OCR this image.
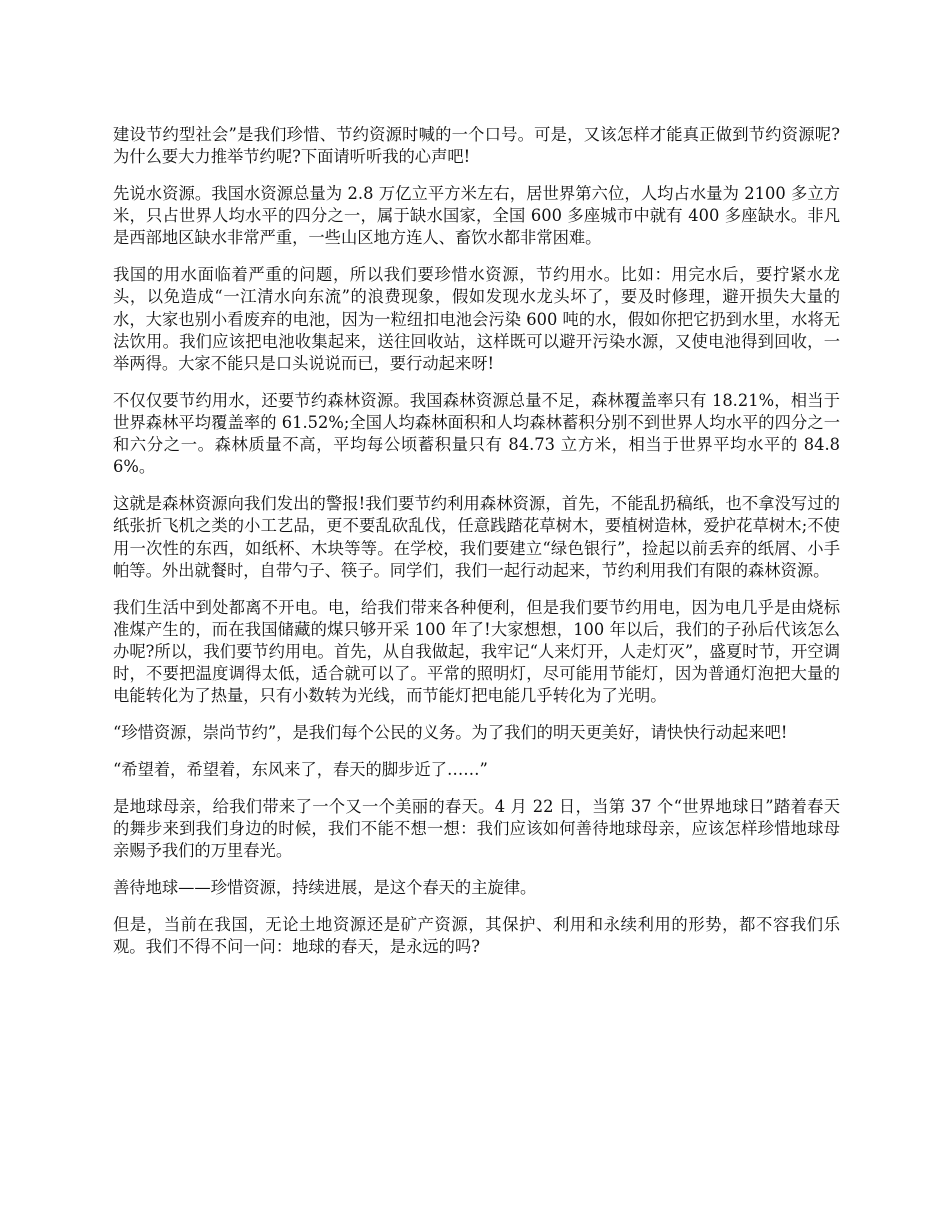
建设节约型社会”是我们珍惜、节约资源时喊的一个口号。可是，又该怎样才能真正做到节约资源呢?为什么要大力推举节约呢?下面请听听我的心声吧!

先说水资源。我国水资源总量为 2.8 万亿立平方米左右，居世界第六位，人均占水量为 2100 多立方米，只占世界人均水平的四分之一，属于缺水国家，全国 600 多座城市中就有 400 多座缺水。非凡是西部地区缺水非常严重，一些山区地方连人、畜饮水都非常困难。

我国的用水面临着严重的问题，所以我们要珍惜水资源，节约用水。比如：用完水后，要拧紧水龙头，以免造成“一江清水向东流”的浪费现象，假如发现水龙头坏了，要及时修理，避开损失大量的水，大家也别小看废弃的电池，因为一粒纽扣电池会污染 600 吨的水，假如你把它扔到水里，水将无法饮用。我们应该把电池收集起来，送往回收站，这样既可以避开污染水源，又使电池得到回收，一举两得。大家不能只是口头说说而已，要行动起来呀!

不仅仅要节约用水，还要节约森林资源。我国森林资源总量不足，森林覆盖率只有 18.21%，相当于世界森林平均覆盖率的 61.52%;全国人均森林面积和人均森林蓄积分别不到世界人均水平的四分之一和六分之一。森林质量不高，平均每公顷蓄积量只有 84.73 立方米，相当于世界平均水平的 84.86%。

这就是森林资源向我们发出的警报!我们要节约利用森林资源，首先，不能乱扔稿纸，也不拿没写过的纸张折飞机之类的小工艺品，更不要乱砍乱伐，任意践踏花草树木，要植树造林，爱护花草树木;不使用一次性的东西，如纸杯、木块等等。在学校，我们要建立“绿色银行”，捡起以前丢弃的纸屑、小手帕等。外出就餐时，自带勺子、筷子。同学们，我们一起行动起来，节约利用我们有限的森林资源。

我们生活中到处都离不开电。电，给我们带来各种便利，但是我们要节约用电，因为电几乎是由烧标准煤产生的，而在我国储藏的煤只够开采 100 年了!大家想想，100 年以后，我们的子孙后代该怎么办呢?所以，我们要节约用电。首先，从自我做起，我牢记“人来灯开，人走灯灭”，盛夏时节，开空调时，不要把温度调得太低，适合就可以了。平常的照明灯，尽可能用节能灯，因为普通灯泡把大量的电能转化为了热量，只有小数转为光线，而节能灯把电能几乎转化为了光明。

“珍惜资源，崇尚节约”，是我们每个公民的义务。为了我们的明天更美好，请快快行动起来吧!

“希望着，希望着，东风来了，春天的脚步近了……”

是地球母亲，给我们带来了一个又一个美丽的春天。4 月 22 日，当第 37 个“世界地球日”踏着春天的舞步来到我们身边的时候，我们不能不想一想：我们应该如何善待地球母亲，应该怎样珍惜地球母亲赐予我们的万里春光。

善待地球——珍惜资源，持续进展，是这个春天的主旋律。

但是，当前在我国，无论土地资源还是矿产资源，其保护、利用和永续利用的形势，都不容我们乐观。我们不得不问一问：地球的春天，是永远的吗?
